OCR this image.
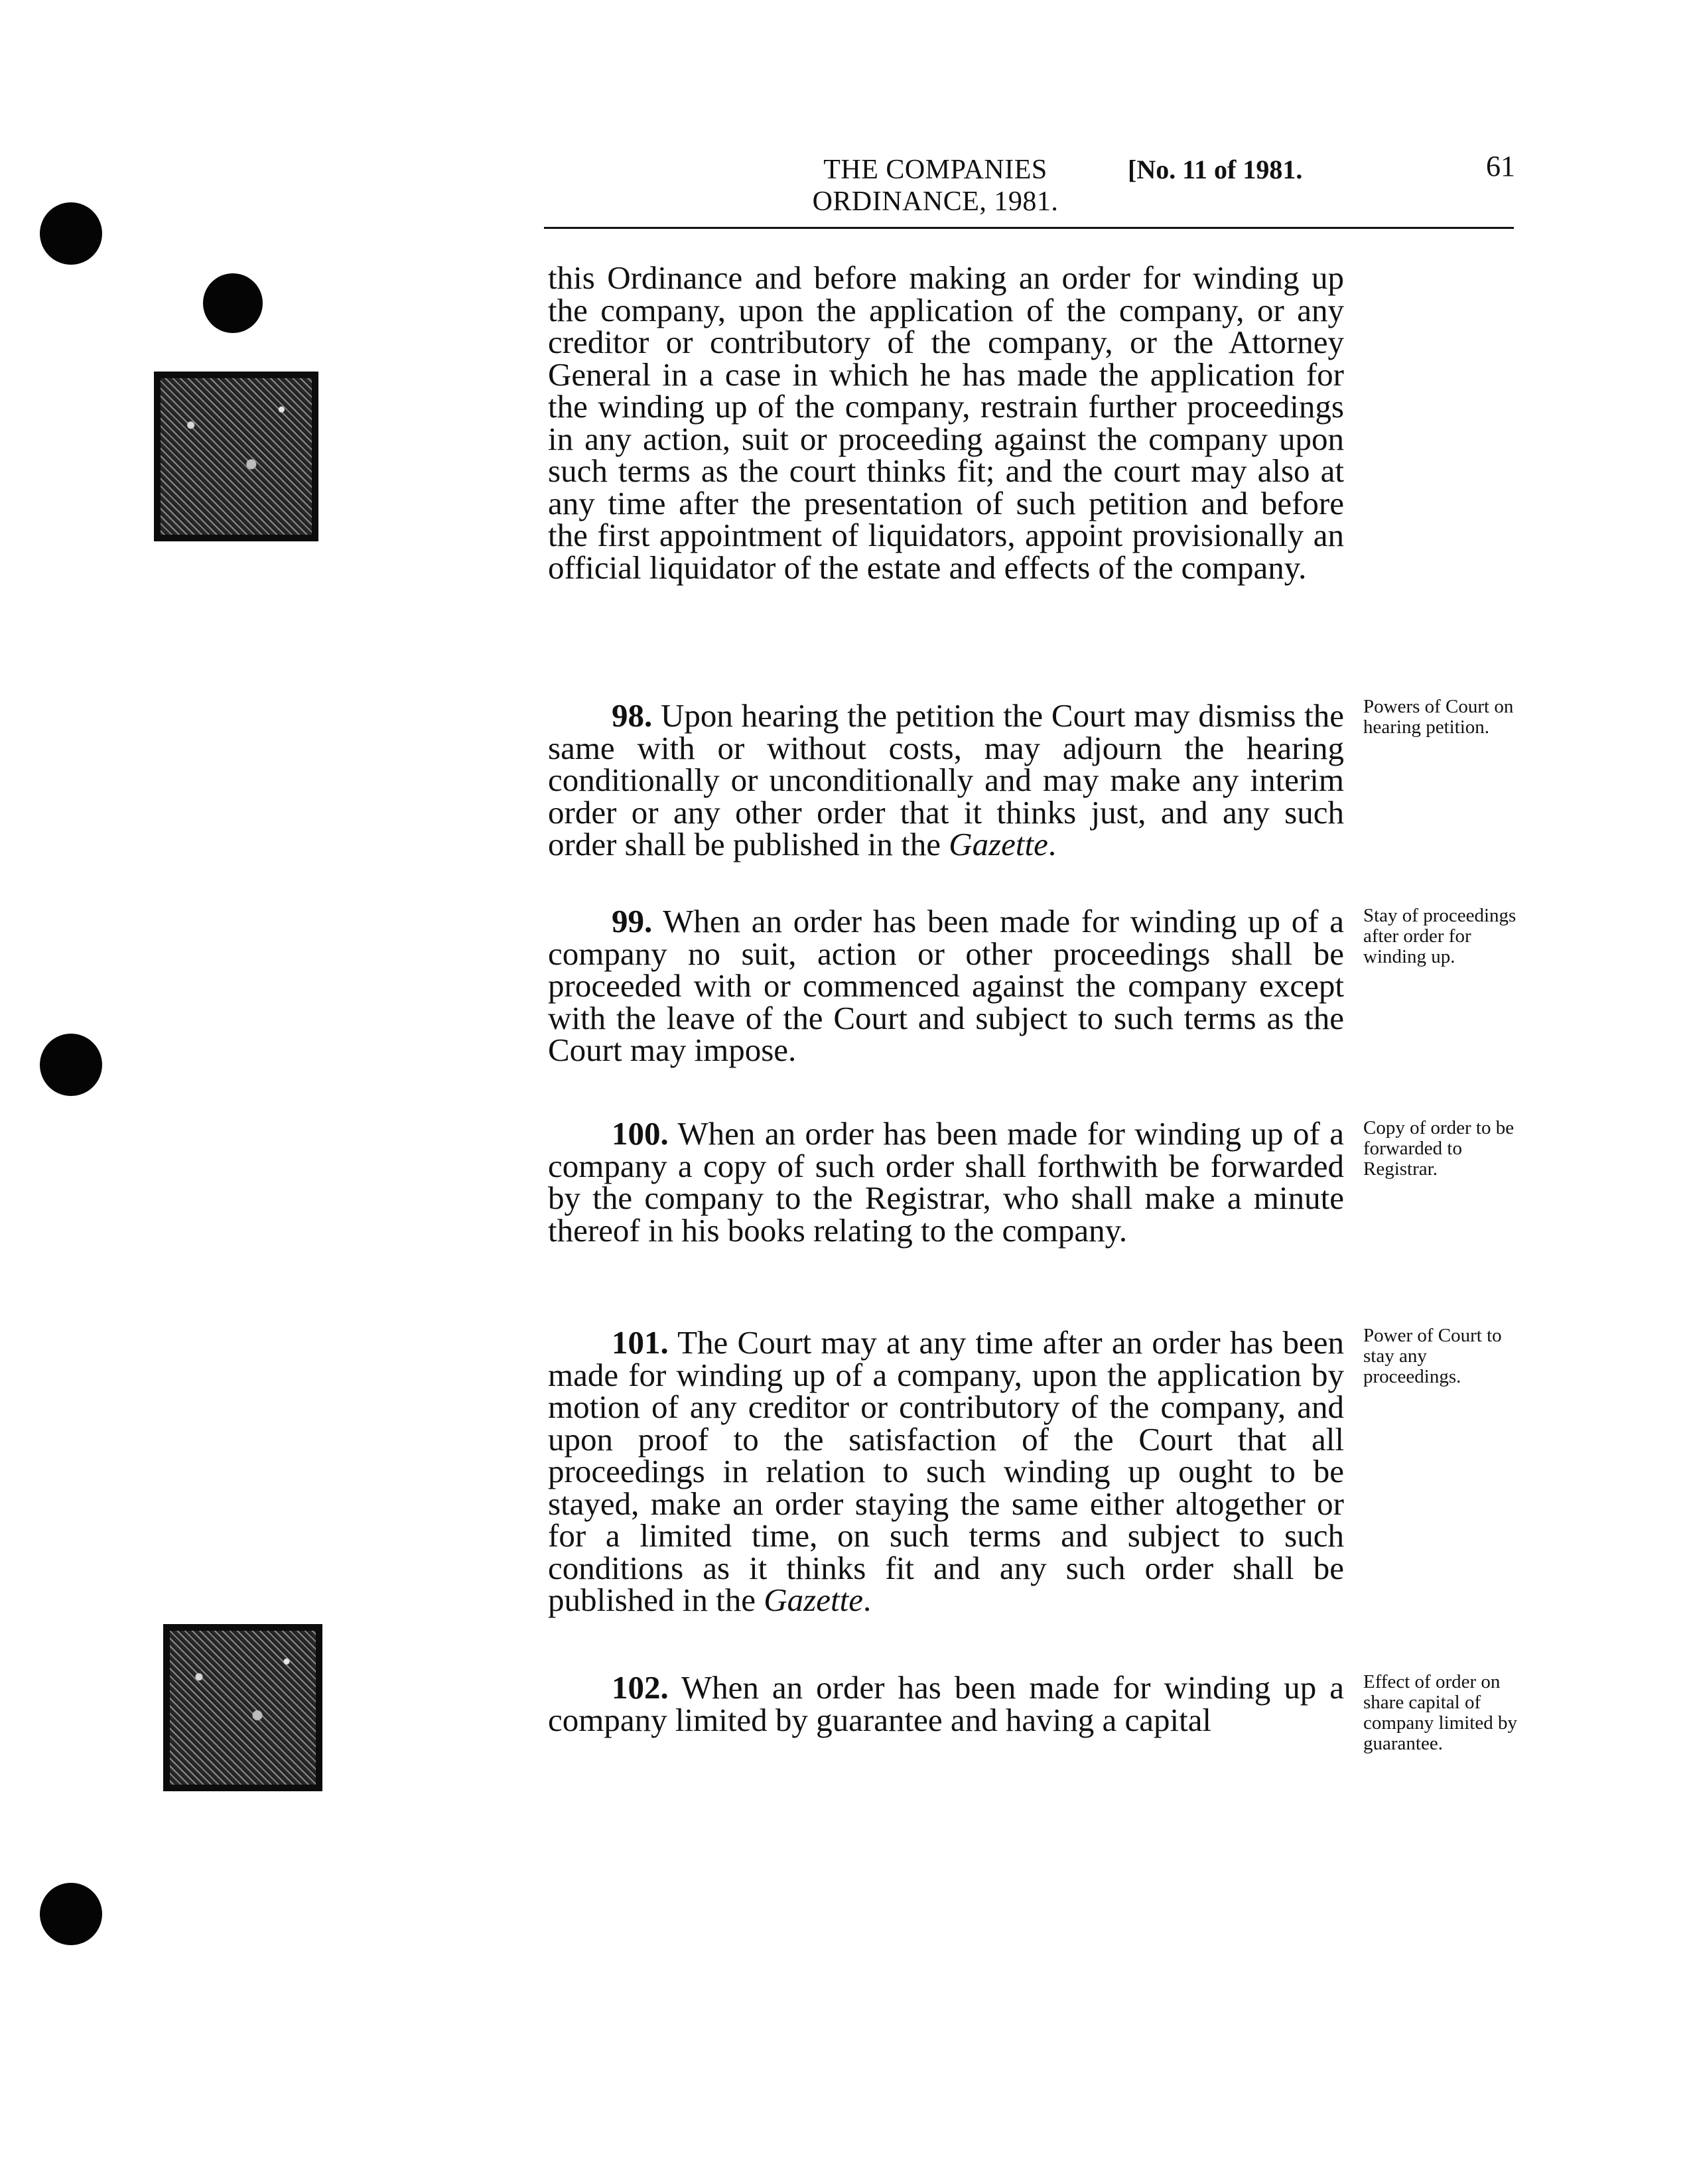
THE COMPANIES
ORDINANCE, 1981.
[No. 11 of 1981.	61
this Ordinance and before making an order for winding up the company, upon the application of the company, or any creditor or contributory of the company, or the Attorney General in a case in which he has made the application for the winding up of the company, restrain further proceedings in any action, suit or proceeding against the company upon such terms as the court thinks fit; and the court may also at any time after the presentation of such petition and before the first appointment of liquidators, appoint provisionally an official liquidator of the estate and effects of the company.
98. Upon hearing the petition the Court may dismiss the same with or without costs, may adjourn the hearing conditionally or unconditionally and may make any interim order or any other order that it thinks just, and any such order shall be published in the Gazette.
Powers of Court on hearing petition.
99. When an order has been made for winding up of a company no suit, action or other proceedings shall be proceeded with or commenced against the company except with the leave of the Court and subject to such terms as the Court may impose.
Stay of proceedings after order for winding up.
100. When an order has been made for winding up of a company a copy of such order shall forthwith be forwarded by the company to the Registrar, who shall make a minute thereof in his books relating to the company.
Copy of order to be forwarded to Registrar.
101. The Court may at any time after an order has been made for winding up of a company, upon the application by motion of any creditor or contributory of the company, and upon proof to the satisfaction of the Court that all proceedings in relation to such winding up ought to be stayed, make an order staying the same either altogether or for a limited time, on such terms and subject to such conditions as it thinks fit and any such order shall be published in the Gazette.
Power of Court to stay any proceedings.
102. When an order has been made for winding up a company limited by guarantee and having a capital
Effect of order on share capital of company limited by guarantee.
